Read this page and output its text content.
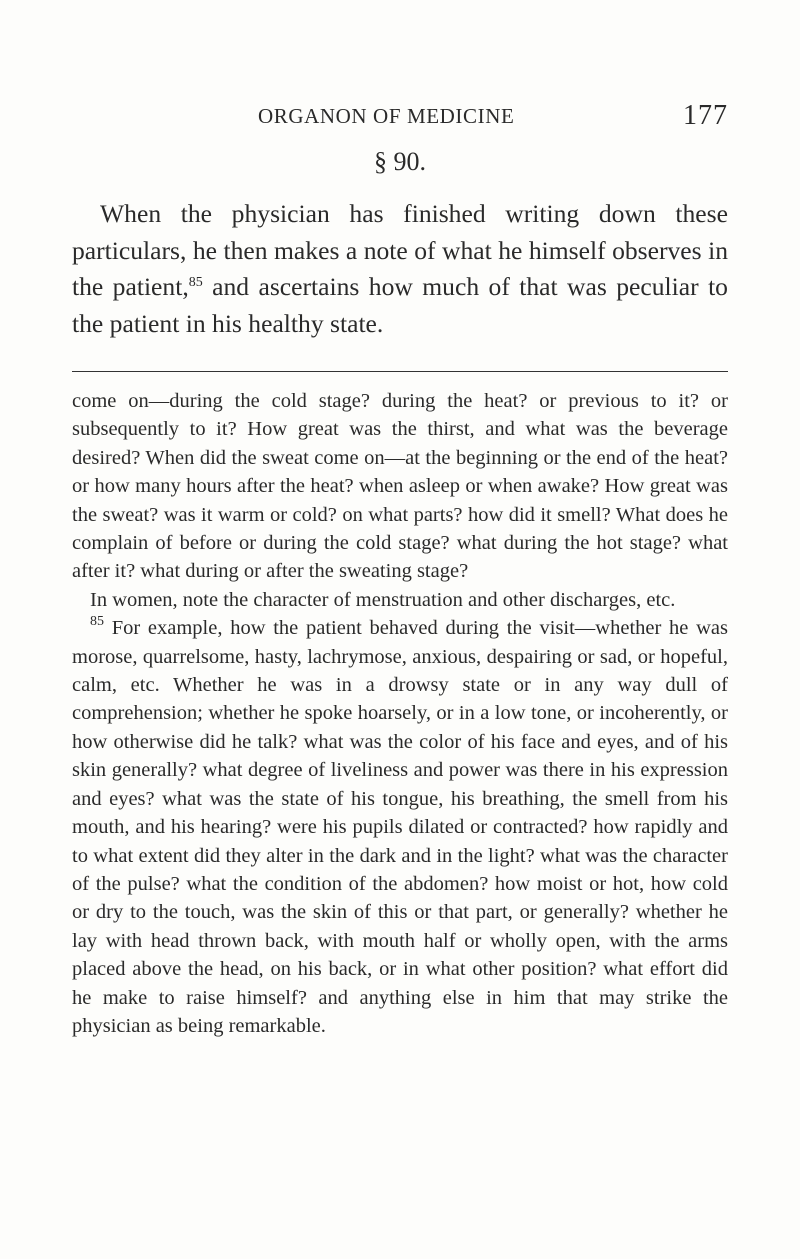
ORGANON OF MEDICINE	177
§ 90.
When the physician has finished writing down these particulars, he then makes a note of what he himself observes in the patient,$^{85}$ and ascertains how much of that was peculiar to the patient in his healthy state.

come on—during the cold stage? during the heat? or previous to it? or subsequently to it? How great was the thirst, and what was the beverage desired? When did the sweat come on—at the beginning or the end of the heat? or how many hours after the heat? when asleep or when awake? How great was the sweat? was it warm or cold? on what parts? how did it smell? What does he complain of before or during the cold stage? what during the hot stage? what after it? what during or after the sweating stage?

In women, note the character of menstruation and other discharges, etc.

$^{85}$ For example, how the patient behaved during the visit—whether he was morose, quarrelsome, hasty, lachrymose, anxious, despairing or sad, or hopeful, calm, etc. Whether he was in a drowsy state or in any way dull of comprehension; whether he spoke hoarsely, or in a low tone, or incoherently, or how otherwise did he talk? what was the color of his face and eyes, and of his skin generally? what degree of liveliness and power was there in his expression and eyes? what was the state of his tongue, his breathing, the smell from his mouth, and his hearing? were his pupils dilated or contracted? how rapidly and to what extent did they alter in the dark and in the light? what was the character of the pulse? what the condition of the abdomen? how moist or hot, how cold or dry to the touch, was the skin of this or that part, or generally? whether he lay with head thrown back, with mouth half or wholly open, with the arms placed above the head, on his back, or in what other position? what effort did he make to raise himself? and anything else in him that may strike the physician as being remarkable.
